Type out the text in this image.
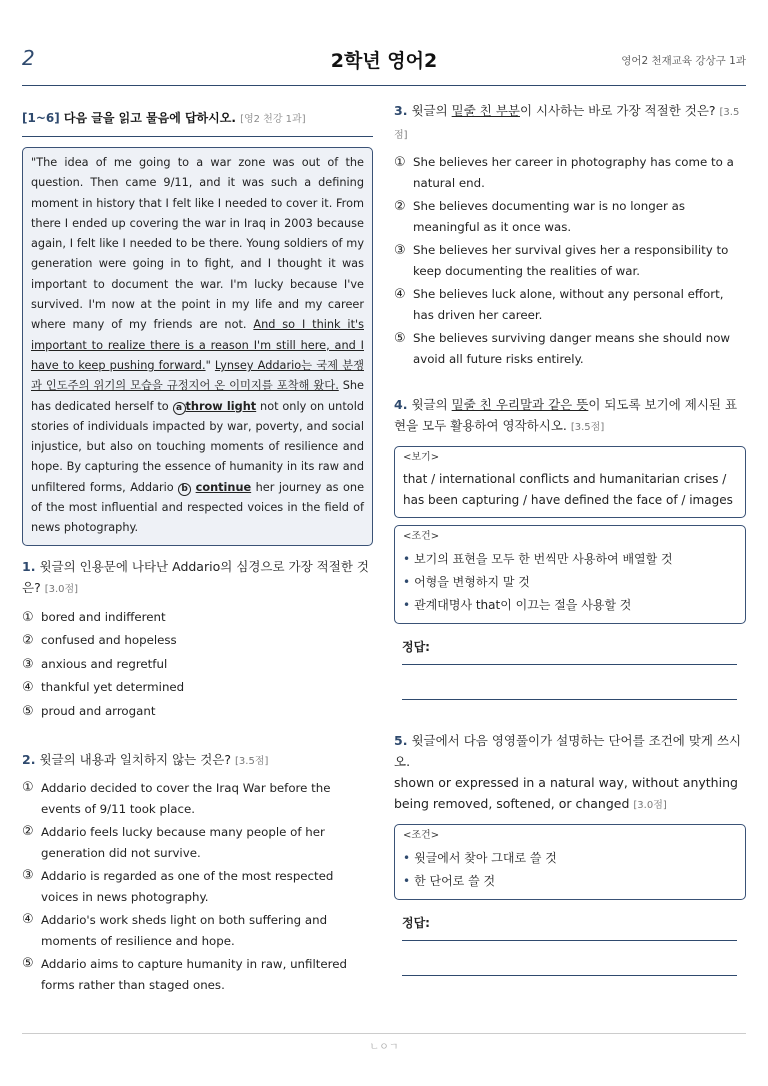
2	2학년 영어2	영어2 천재교육 강상구 1과
[1~6] 다음 글을 읽고 물음에 답하시오. [영2 천강 1과]
"The idea of me going to a war zone was out of the question. Then came 9/11, and it was such a defining moment in history that I felt like I needed to cover it. From there I ended up covering the war in Iraq in 2003 because again, I felt like I needed to be there. Young soldiers of my generation were going in to fight, and I thought it was important to document the war. I'm lucky because I've survived. I'm now at the point in my life and my career where many of my friends are not. And so I think it's important to realize there is a reason I'm still here, and I have to keep pushing forward." Lynsey Addario는 국제 분쟁과 인도주의 위기의 모습을 규정지어 온 이미지를 포착해 왔다. She has dedicated herself to a throw light not only on untold stories of individuals impacted by war, poverty, and social injustice, but also on touching moments of resilience and hope. By capturing the essence of humanity in its raw and unfiltered forms, Addario b continue her journey as one of the most influential and respected voices in the field of news photography.
1. 윗글의 인용문에 나타난 Addario의 심경으로 가장 적절한 것은? [3.0점]
① bored and indifferent
② confused and hopeless
③ anxious and regretful
④ thankful yet determined
⑤ proud and arrogant
2. 윗글의 내용과 일치하지 않는 것은? [3.5점]
① Addario decided to cover the Iraq War before the events of 9/11 took place.
② Addario feels lucky because many people of her generation did not survive.
③ Addario is regarded as one of the most respected voices in news photography.
④ Addario's work sheds light on both suffering and moments of resilience and hope.
⑤ Addario aims to capture humanity in raw, unfiltered forms rather than staged ones.
3. 윗글의 밑줄 친 부분이 시사하는 바로 가장 적절한 것은? [3.5점]
① She believes her career in photography has come to a natural end.
② She believes documenting war is no longer as meaningful as it once was.
③ She believes her survival gives her a responsibility to keep documenting the realities of war.
④ She believes luck alone, without any personal effort, has driven her career.
⑤ She believes surviving danger means she should now avoid all future risks entirely.
4. 윗글의 밑줄 친 우리말과 같은 뜻이 되도록 보기에 제시된 표현을 모두 활용하여 영작하시오. [3.5점]
<보기>
that / international conflicts and humanitarian crises / has been capturing / have defined the face of / images
<조건>
• 보기의 표현을 모두 한 번씩만 사용하여 배열할 것
• 어형을 변형하지 말 것
• 관계대명사 that이 이끄는 절을 사용할 것
정답:
5. 윗글에서 다음 영영풀이가 설명하는 단어를 조건에 맞게 쓰시오.
shown or expressed in a natural way, without anything being removed, softened, or changed [3.0점]
<조건>
• 윗글에서 찾아 그대로 쓸 것
• 한 단어로 쓸 것
정답:
ㄴㅇㄱ
